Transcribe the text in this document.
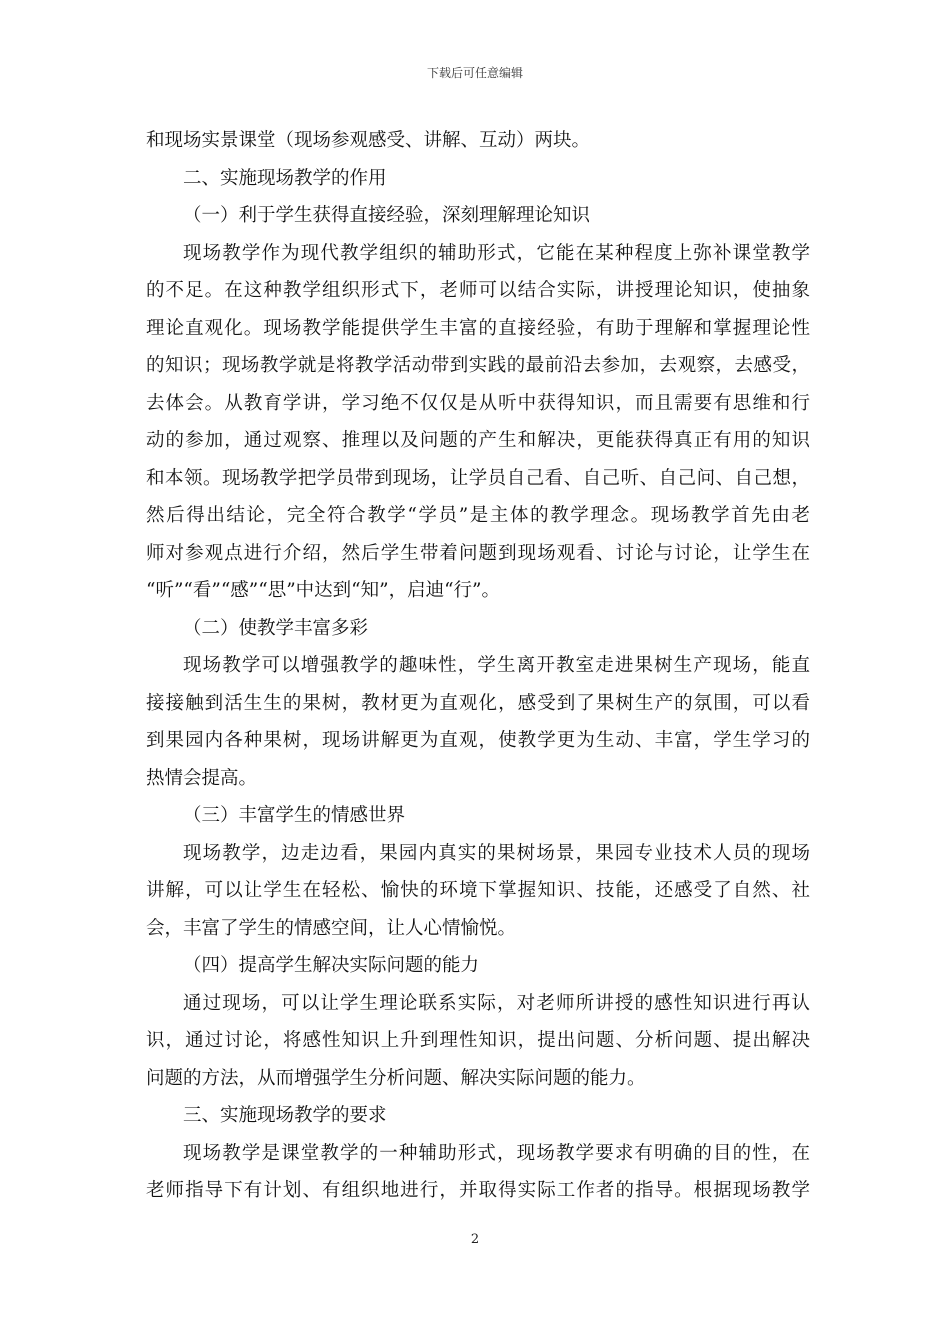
下载后可任意编辑
和现场实景课堂（现场参观感受、讲解、互动）两块。
二、实施现场教学的作用
（一）利于学生获得直接经验，深刻理解理论知识
现场教学作为现代教学组织的辅助形式，它能在某种程度上弥补课堂教学
的不足。在这种教学组织形式下，老师可以结合实际，讲授理论知识，使抽象
理论直观化。现场教学能提供学生丰富的直接经验，有助于理解和掌握理论性
的知识；现场教学就是将教学活动带到实践的最前沿去参加，去观察，去感受，
去体会。从教育学讲，学习绝不仅仅是从听中获得知识，而且需要有思维和行
动的参加，通过观察、推理以及问题的产生和解决，更能获得真正有用的知识
和本领。现场教学把学员带到现场，让学员自己看、自己听、自己问、自己想，
然后得出结论，完全符合教学“学员”是主体的教学理念。现场教学首先由老
师对参观点进行介绍，然后学生带着问题到现场观看、讨论与讨论，让学生在
“听”“看”“感”“思”中达到“知”，启迪“行”。
（二）使教学丰富多彩
现场教学可以增强教学的趣味性，学生离开教室走进果树生产现场，能直
接接触到活生生的果树，教材更为直观化，感受到了果树生产的氛围，可以看
到果园内各种果树，现场讲解更为直观，使教学更为生动、丰富，学生学习的
热情会提高。
（三）丰富学生的情感世界
现场教学，边走边看，果园内真实的果树场景，果园专业技术人员的现场
讲解，可以让学生在轻松、愉快的环境下掌握知识、技能，还感受了自然、社
会，丰富了学生的情感空间，让人心情愉悦。
（四）提高学生解决实际问题的能力
通过现场，可以让学生理论联系实际，对老师所讲授的感性知识进行再认
识，通过讨论，将感性知识上升到理性知识，提出问题、分析问题、提出解决
问题的方法，从而增强学生分析问题、解决实际问题的能力。
三、实施现场教学的要求
现场教学是课堂教学的一种辅助形式，现场教学要求有明确的目的性，在
老师指导下有计划、有组织地进行，并取得实际工作者的指导。根据现场教学
2
